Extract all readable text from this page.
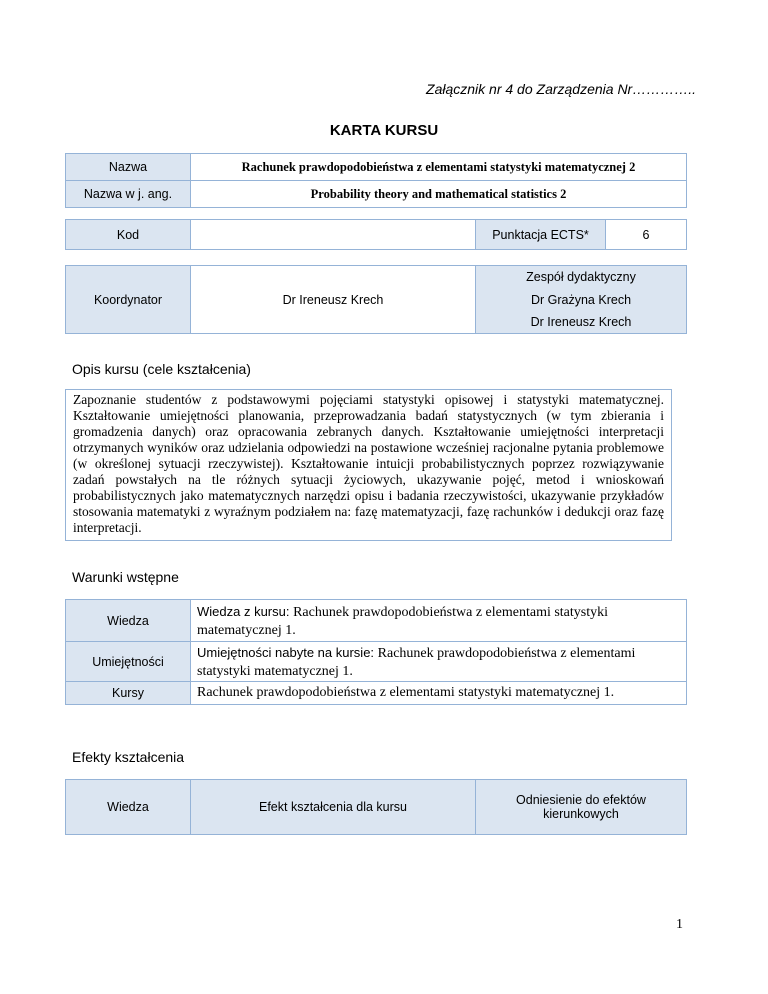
Załącznik nr 4 do Zarządzenia Nr…………..
KARTA KURSU
Nazwa	Rachunek prawdopodobieństwa z elementami statystyki matematycznej 2
Nazwa w j. ang.	Probability theory and mathematical statistics 2
Kod		Punktacja ECTS*	6
Koordynator	Dr Ireneusz Krech	Zespół dydaktyczny
Dr Grażyna Krech
Dr Ireneusz Krech
Opis kursu (cele kształcenia)
Zapoznanie studentów z podstawowymi pojęciami statystyki opisowej i statystyki matematycznej. Kształtowanie umiejętności planowania, przeprowadzania badań statystycznych (w tym zbierania i gromadzenia danych) oraz opracowania zebranych danych. Kształtowanie umiejętności interpretacji otrzymanych wyników oraz udzielania odpowiedzi na postawione wcześniej racjonalne pytania problemowe (w określonej sytuacji rzeczywistej). Kształtowanie intuicji probabilistycznych poprzez rozwiązywanie zadań powstałych na tle różnych sytuacji życiowych, ukazywanie pojęć, metod i wnioskowań probabilistycznych jako matematycznych narzędzi opisu i badania rzeczywistości, ukazywanie przykładów stosowania matematyki z wyraźnym podziałem na: fazę matematyzacji, fazę rachunków i dedukcji oraz fazę interpretacji.
Warunki wstępne
Wiedza	Wiedza z kursu: Rachunek prawdopodobieństwa z elementami statystyki matematycznej 1.
Umiejętności	Umiejętności nabyte na kursie: Rachunek prawdopodobieństwa z elementami statystyki matematycznej 1.
Kursy	Rachunek prawdopodobieństwa z elementami statystyki matematycznej 1.
Efekty kształcenia
Wiedza	Efekt kształcenia dla kursu	Odniesienie do efektów kierunkowych
1
